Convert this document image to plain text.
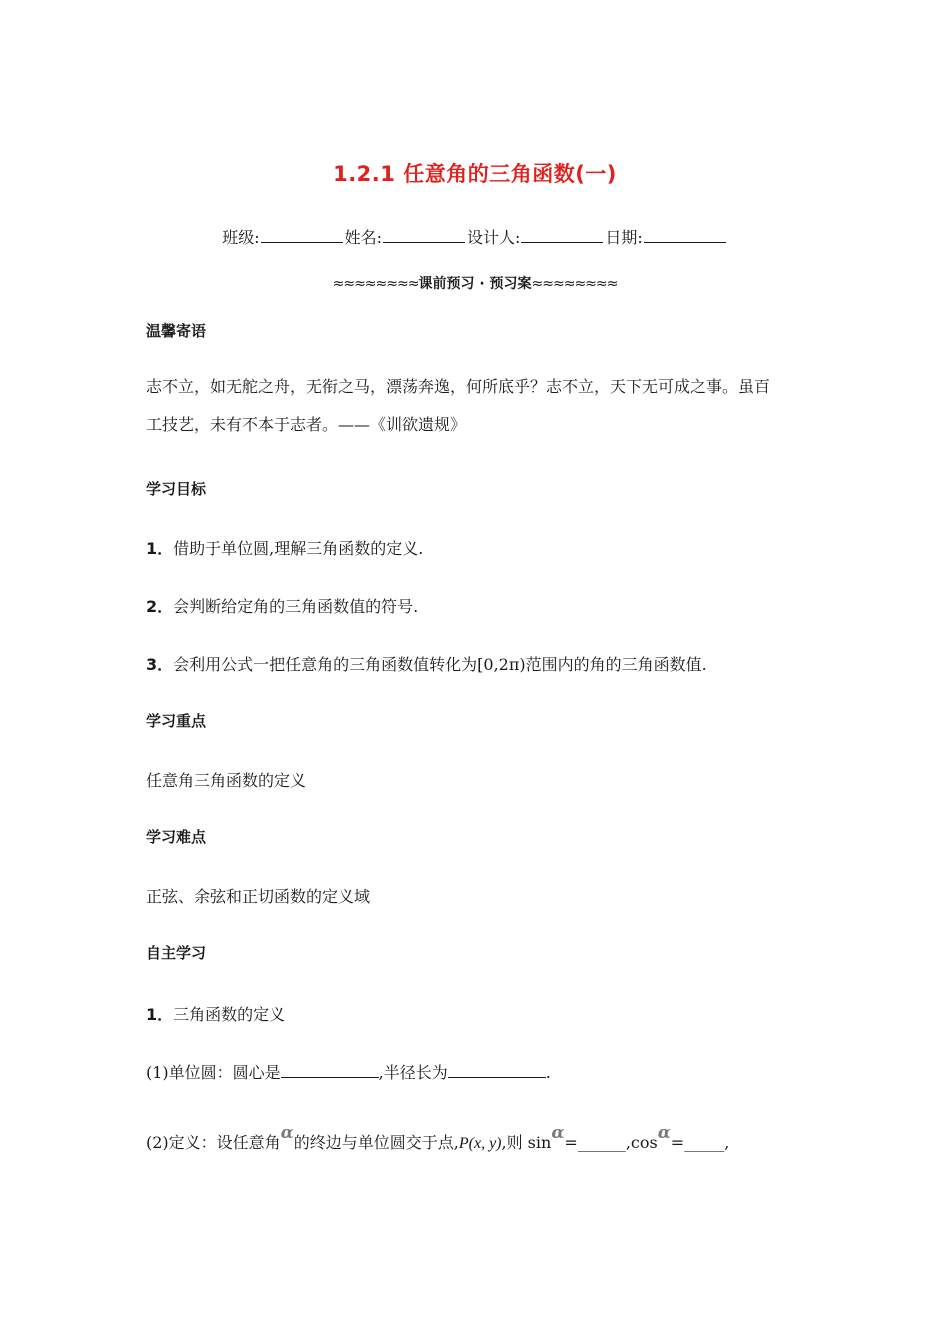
1.2.1 任意角的三角函数(一)
班级:	姓名:	设计人:	日期:
≈≈≈≈≈≈≈≈课前预习 · 预习案≈≈≈≈≈≈≈≈
温馨寄语
志不立，如无舵之舟，无衔之马，漂荡奔逸，何所底乎？志不立，天下无可成之事。虽百
工技艺，未有不本于志者。——《训欲遗规》
学习目标
1．借助于单位圆,理解三角函数的定义.
2．会判断给定角的三角函数值的符号.
3．会利用公式一把任意角的三角函数值转化为[0,2π)范围内的角的三角函数值.
学习重点
任意角三角函数的定义
学习难点
正弦、余弦和正切函数的定义域
自主学习
1．三角函数的定义
(1)单位圆：圆心是	,半径长为	.
(2)定义：设任意角α的终边与单位圆交于点,P(x, y),则 sinα=______,cosα=_____,
